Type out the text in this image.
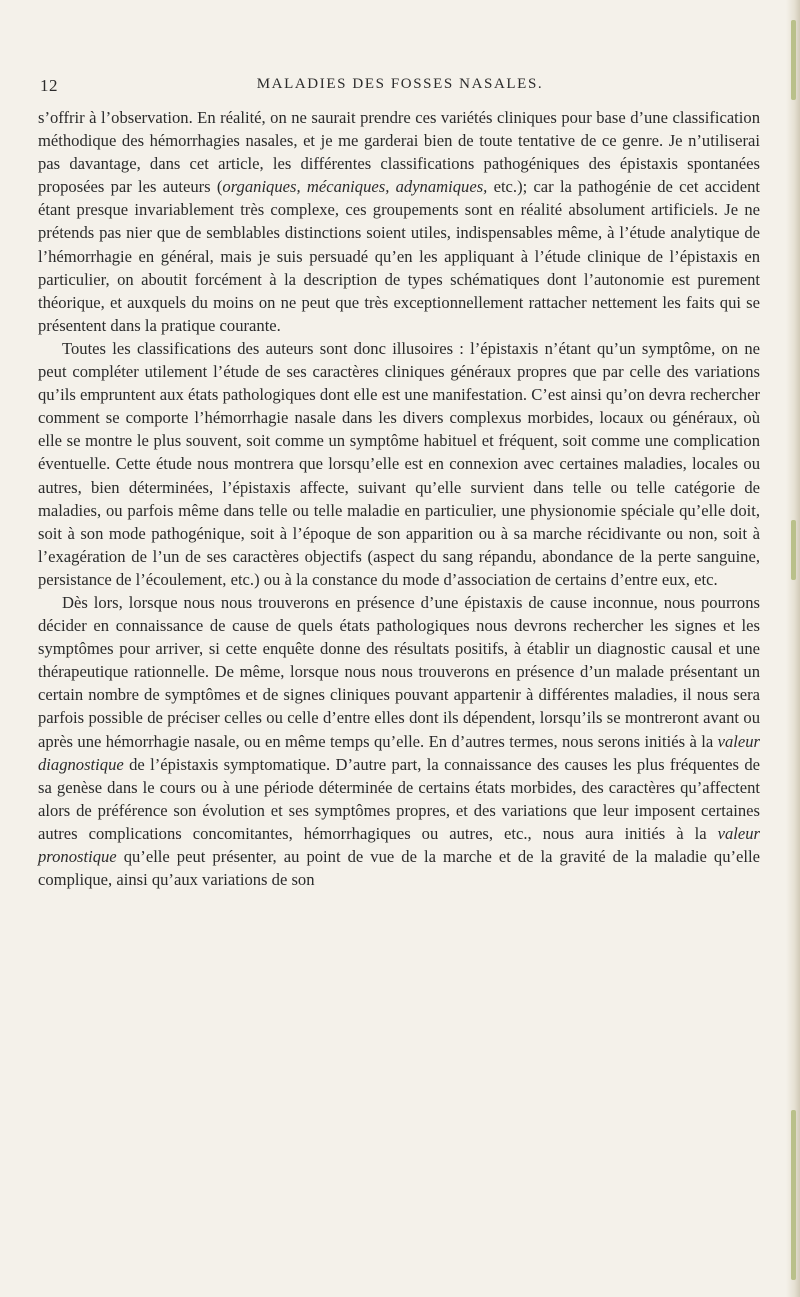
12	MALADIES DES FOSSES NASALES.

s’offrir à l’observation. En réalité, on ne saurait prendre ces variétés cliniques pour base d’une classification méthodique des hémorrhagies nasales, et je me garderai bien de toute tentative de ce genre. Je n’utiliserai pas davantage, dans cet article, les différentes classifications pathogéniques des épistaxis spontanées proposées par les auteurs (organiques, mécaniques, adynamiques, etc.); car la pathogénie de cet accident étant presque invariablement très complexe, ces groupements sont en réalité absolument artificiels. Je ne prétends pas nier que de semblables distinctions soient utiles, indispensables même, à l’étude analytique de l’hémorrhagie en général, mais je suis persuadé qu’en les appliquant à l’étude clinique de l’épistaxis en particulier, on aboutit forcément à la description de types schématiques dont l’autonomie est purement théorique, et auxquels du moins on ne peut que très exceptionnellement rattacher nettement les faits qui se présentent dans la pratique courante.

Toutes les classifications des auteurs sont donc illusoires : l’épistaxis n’étant qu’un symptôme, on ne peut compléter utilement l’étude de ses caractères cliniques généraux propres que par celle des variations qu’ils empruntent aux états pathologiques dont elle est une manifestation. C’est ainsi qu’on devra rechercher comment se comporte l’hémorrhagie nasale dans les divers complexus morbides, locaux ou généraux, où elle se montre le plus souvent, soit comme un symptôme habituel et fréquent, soit comme une complication éventuelle. Cette étude nous montrera que lorsqu’elle est en connexion avec certaines maladies, locales ou autres, bien déterminées, l’épistaxis affecte, suivant qu’elle survient dans telle ou telle catégorie de maladies, ou parfois même dans telle ou telle maladie en particulier, une physionomie spéciale qu’elle doit, soit à son mode pathogénique, soit à l’époque de son apparition ou à sa marche récidivante ou non, soit à l’exagération de l’un de ses caractères objectifs (aspect du sang répandu, abondance de la perte sanguine, persistance de l’écoulement, etc.) ou à la constance du mode d’association de certains d’entre eux, etc.

Dès lors, lorsque nous nous trouverons en présence d’une épistaxis de cause inconnue, nous pourrons décider en connaissance de cause de quels états pathologiques nous devrons rechercher les signes et les symptômes pour arriver, si cette enquête donne des résultats positifs, à établir un diagnostic causal et une thérapeutique rationnelle. De même, lorsque nous nous trouverons en présence d’un malade présentant un certain nombre de symptômes et de signes cliniques pouvant appartenir à différentes maladies, il nous sera parfois possible de préciser celles ou celle d’entre elles dont ils dépendent, lorsqu’ils se montreront avant ou après une hémorrhagie nasale, ou en même temps qu’elle. En d’autres termes, nous serons initiés à la valeur diagnostique de l’épistaxis symptomatique. D’autre part, la connaissance des causes les plus fréquentes de sa genèse dans le cours ou à une période déterminée de certains états morbides, des caractères qu’affectent alors de préférence son évolution et ses symptômes propres, et des variations que leur imposent certaines autres complications concomitantes, hémorrhagiques ou autres, etc., nous aura initiés à la valeur pronostique qu’elle peut présenter, au point de vue de la marche et de la gravité de la maladie qu’elle complique, ainsi qu’aux variations de son
